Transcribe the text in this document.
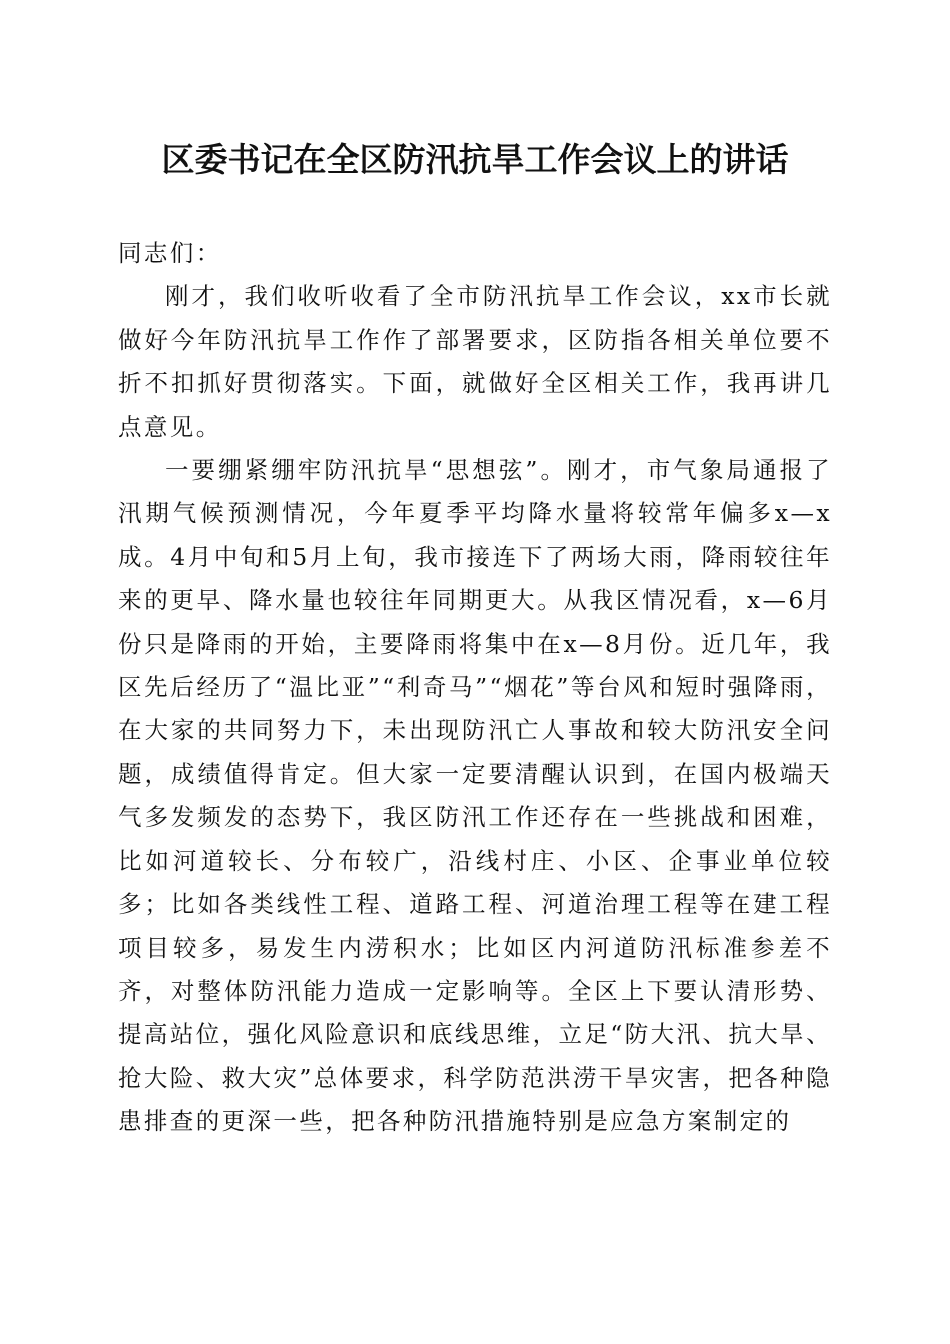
区委书记在全区防汛抗旱工作会议上的讲话

同志们：

刚才，我们收听收看了全市防汛抗旱工作会议，xx市长就做好今年防汛抗旱工作作了部署要求，区防指各相关单位要不折不扣抓好贯彻落实。下面，就做好全区相关工作，我再讲几点意见。

一要绷紧绷牢防汛抗旱“思想弦”。刚才，市气象局通报了汛期气候预测情况，今年夏季平均降水量将较常年偏多x—x成。4月中旬和5月上旬，我市接连下了两场大雨，降雨较往年来的更早、降水量也较往年同期更大。从我区情况看，x—6月份只是降雨的开始，主要降雨将集中在x—8月份。近几年，我区先后经历了“温比亚”“利奇马”“烟花”等台风和短时强降雨，在大家的共同努力下，未出现防汛亡人事故和较大防汛安全问题，成绩值得肯定。但大家一定要清醒认识到，在国内极端天气多发频发的态势下，我区防汛工作还存在一些挑战和困难，比如河道较长、分布较广，沿线村庄、小区、企事业单位较多；比如各类线性工程、道路工程、河道治理工程等在建工程项目较多，易发生内涝积水；比如区内河道防汛标准参差不齐，对整体防汛能力造成一定影响等。全区上下要认清形势、提高站位，强化风险意识和底线思维，立足“防大汛、抗大旱、抢大险、救大灾”总体要求，科学防范洪涝干旱灾害，把各种隐患排查的更深一些，把各种防汛措施特别是应急方案制定的
